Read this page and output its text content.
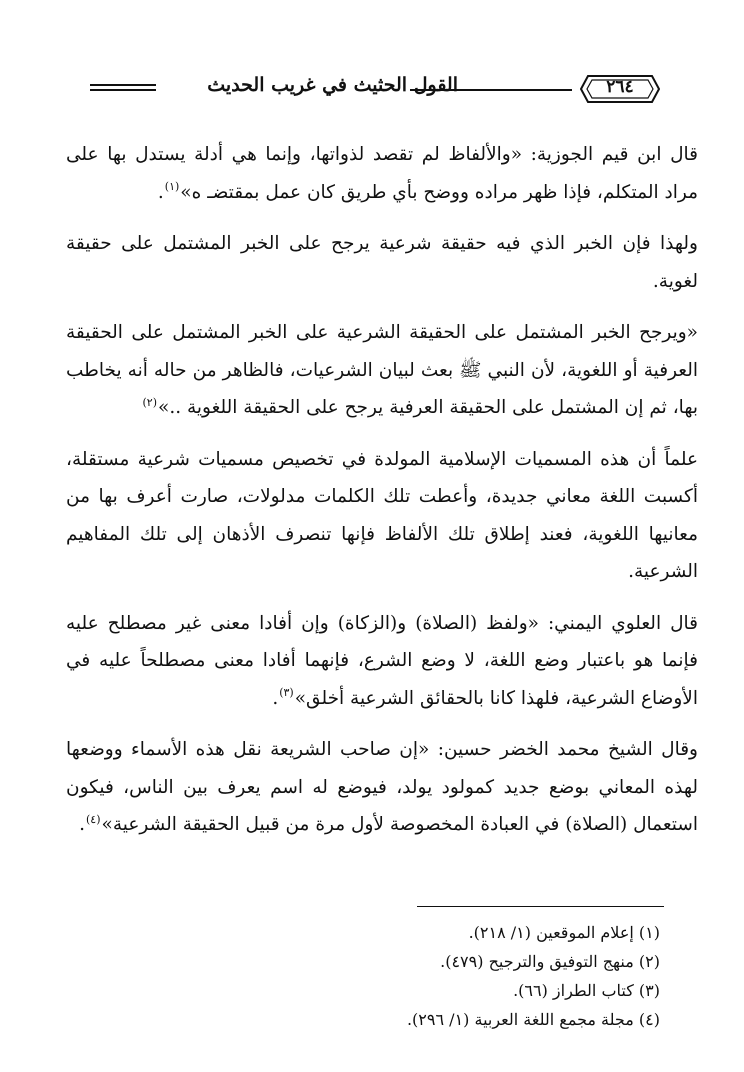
القول الحثيث في غريب الحديث	٢٦٤

قال ابن قيم الجوزية: «والألفاظ لم تقصد لذواتها، وإنما هي أدلة يستدل بها على مراد المتكلم، فإذا ظهر مراده ووضح بأي طريق كان عمل بمقتضـ ه»$^{(١)}$.

ولهذا فإن الخبر الذي فيه حقيقة شرعية يرجح على الخبر المشتمل على حقيقة لغوية.

«ويرجح الخبر المشتمل على الحقيقة الشرعية على الخبر المشتمل على الحقيقة العرفية أو اللغوية، لأن النبي ﷺ بعث لبيان الشرعيات، فالظاهر من حاله أنه يخاطب بها، ثم إن المشتمل على الحقيقة العرفية يرجح على الحقيقة اللغوية ..»$^{(٢)}$

علماً أن هذه المسميات الإسلامية المولدة في تخصيص مسميات شرعية مستقلة، أكسبت اللغة معاني جديدة، وأعطت تلك الكلمات مدلولات، صارت أعرف بها من معانيها اللغوية، فعند إطلاق تلك الألفاظ فإنها تنصرف الأذهان إلى تلك المفاهيم الشرعية.

قال العلوي اليمني: «ولفظ (الصلاة) و(الزكاة) وإن أفادا معنى غير مصطلح عليه فإنما هو باعتبار وضع اللغة، لا وضع الشرع، فإنهما أفادا معنى مصطلحاً عليه في الأوضاع الشرعية، فلهذا كانا بالحقائق الشرعية أخلق»$^{(٣)}$.

وقال الشيخ محمد الخضر حسين: «إن صاحب الشريعة نقل هذه الأسماء ووضعها لهذه المعاني بوضع جديد كمولود يولد، فيوضع له اسم يعرف بين الناس، فيكون استعمال (الصلاة) في العبادة المخصوصة لأول مرة من قبيل الحقيقة الشرعية»$^{(٤)}$.

(١) إعلام الموقعين (١/ ٢١٨).
(٢) منهج التوفيق والترجيح (٤٧٩).
(٣) كتاب الطراز (٦٦).
(٤) مجلة مجمع اللغة العربية (١/ ٢٩٦).
